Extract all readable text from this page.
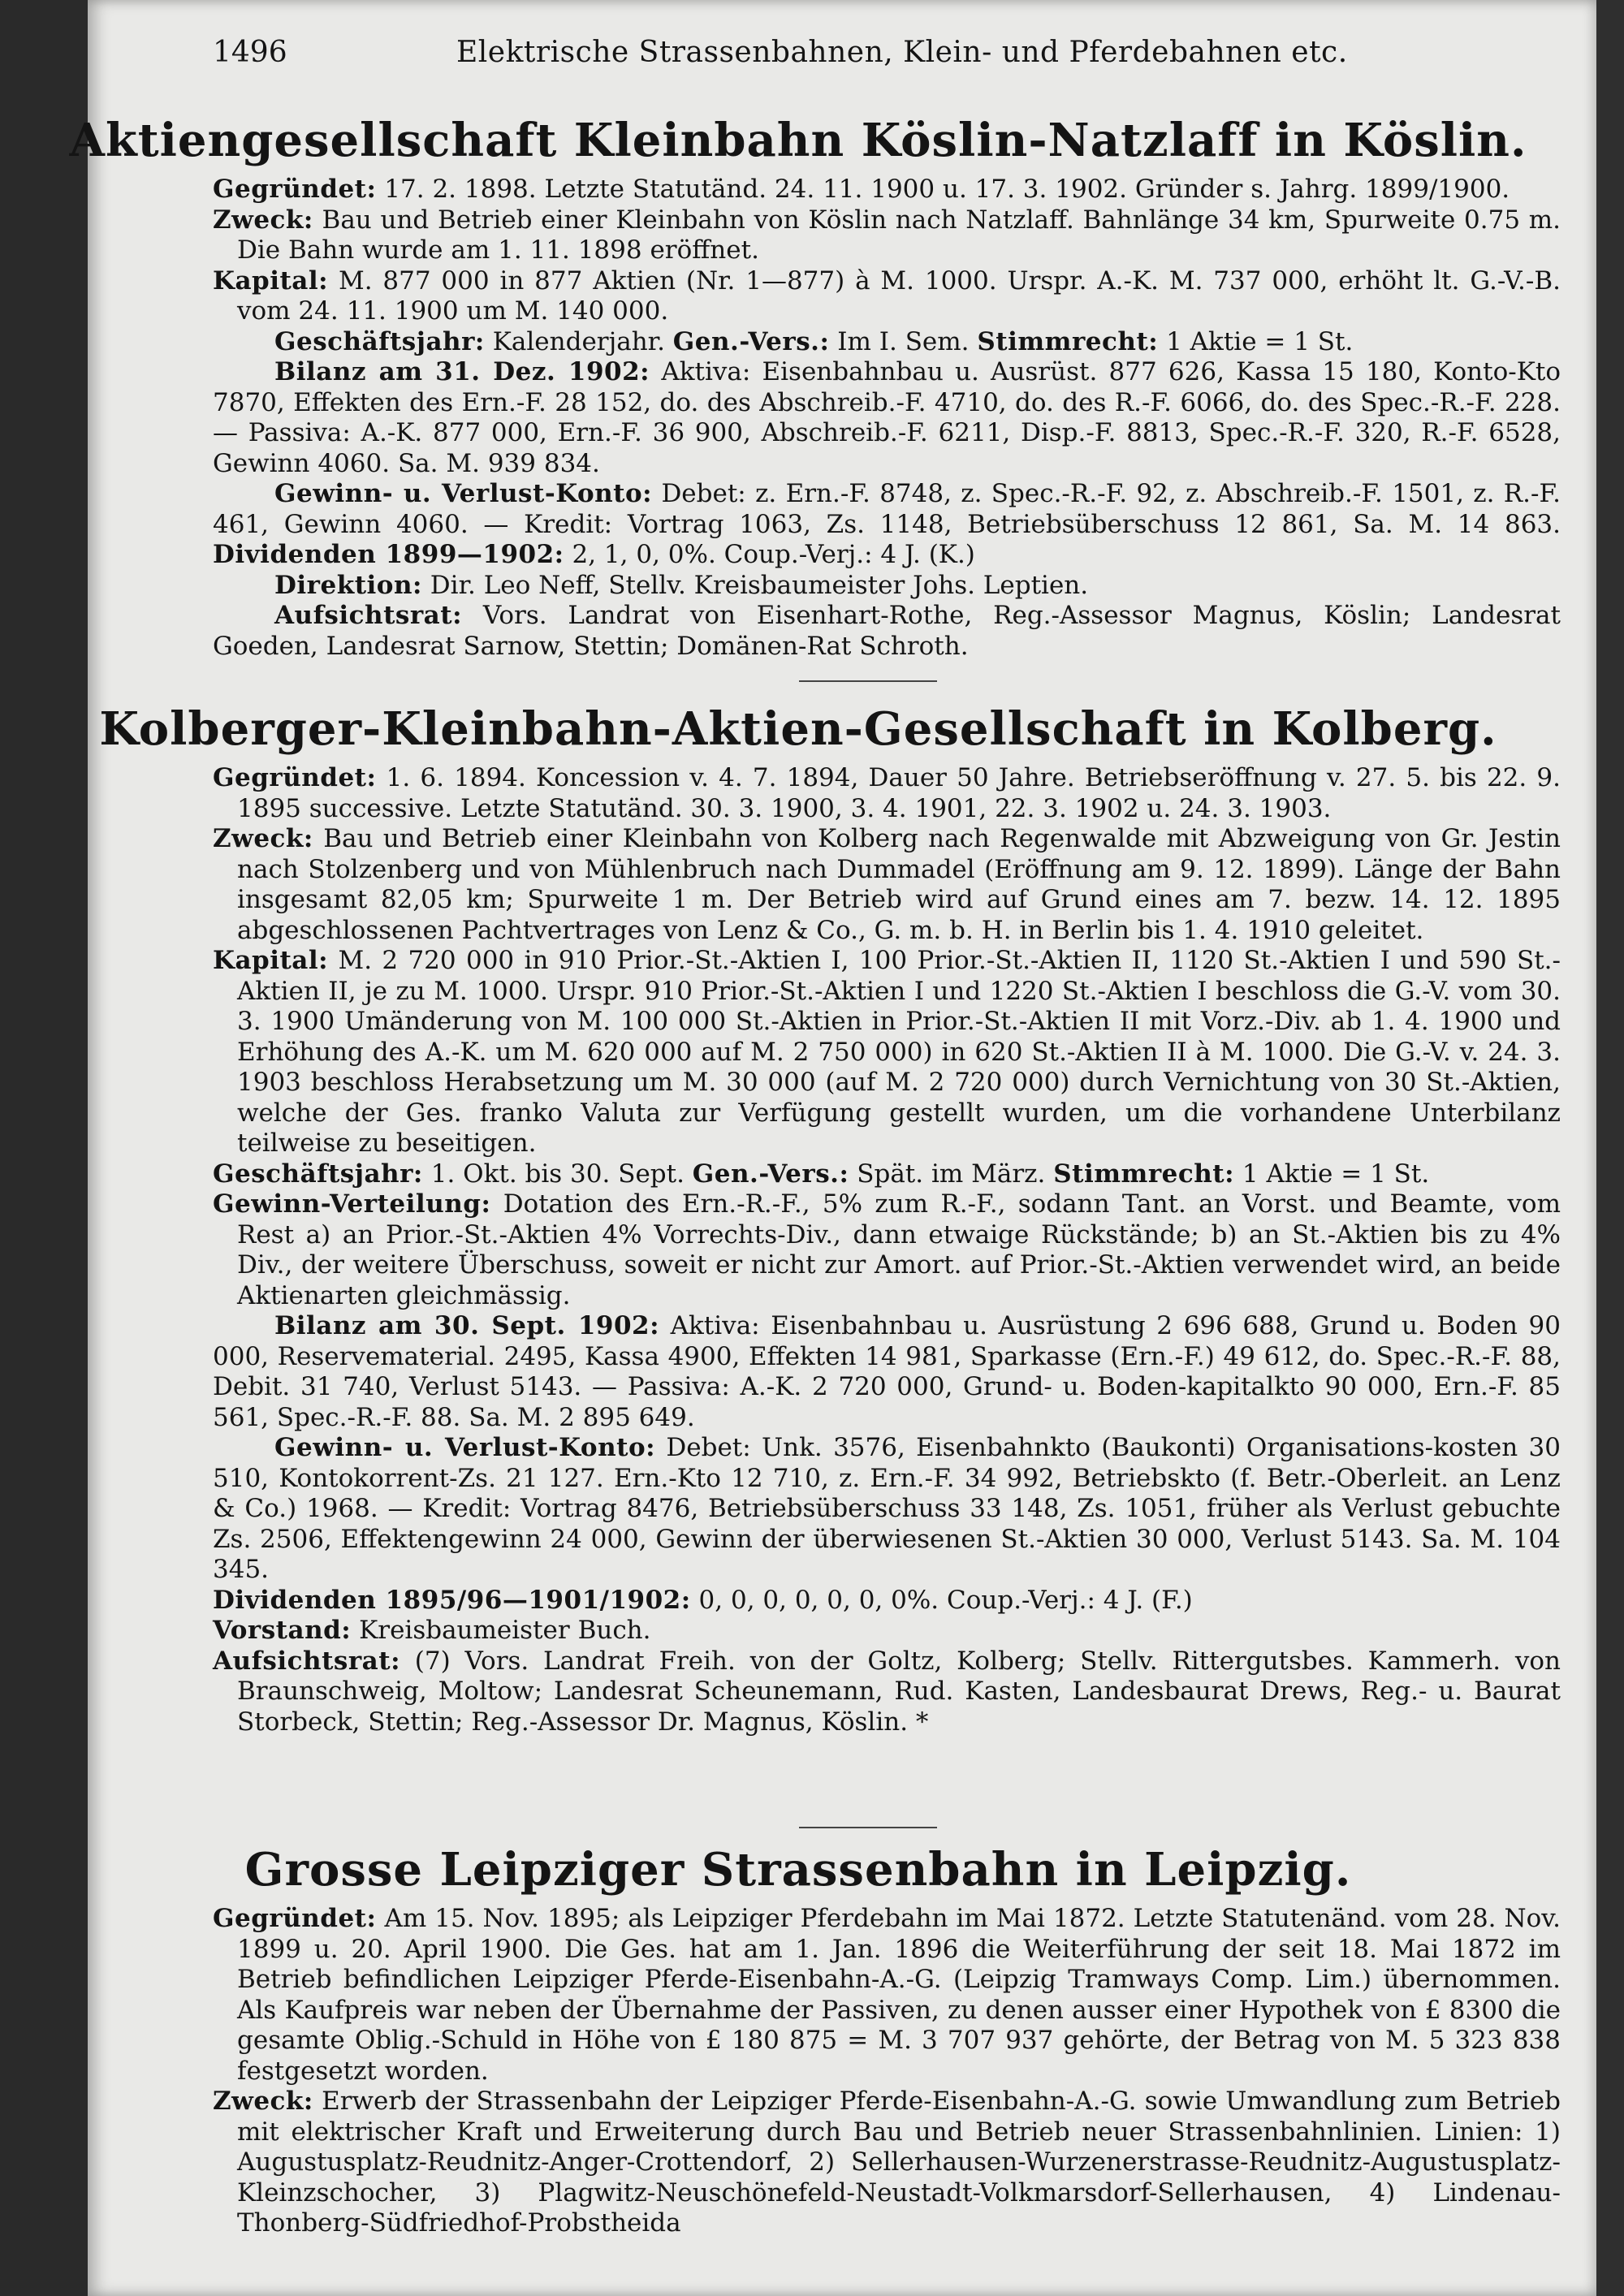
1496	Elektrische Strassenbahnen, Klein- und Pferdebahnen etc.
Aktiengesellschaft Kleinbahn Köslin-Natzlaff in Köslin.

Gegründet: 17. 2. 1898. Letzte Statutänd. 24. 11. 1900 u. 17. 3. 1902. Gründer s. Jahrg. 1899/1900.

Zweck: Bau und Betrieb einer Kleinbahn von Köslin nach Natzlaff. Bahnlänge 34 km, Spurweite 0.75 m. Die Bahn wurde am 1. 11. 1898 eröffnet.

Kapital: M. 877 000 in 877 Aktien (Nr. 1—877) à M. 1000. Urspr. A.-K. M. 737 000, erhöht lt. G.-V.-B. vom 24. 11. 1900 um M. 140 000.

Geschäftsjahr: Kalenderjahr. Gen.-Vers.: Im I. Sem. Stimmrecht: 1 Aktie = 1 St.

Bilanz am 31. Dez. 1902: Aktiva: Eisenbahnbau u. Ausrüst. 877 626, Kassa 15 180, Konto-Kto 7870, Effekten des Ern.-F. 28 152, do. des Abschreib.-F. 4710, do. des R.-F. 6066, do. des Spec.-R.-F. 228. — Passiva: A.-K. 877 000, Ern.-F. 36 900, Abschreib.-F. 6211, Disp.-F. 8813, Spec.-R.-F. 320, R.-F. 6528, Gewinn 4060. Sa. M. 939 834.

Gewinn- u. Verlust-Konto: Debet: z. Ern.-F. 8748, z. Spec.-R.-F. 92, z. Abschreib.-F. 1501, z. R.-F. 461, Gewinn 4060. — Kredit: Vortrag 1063, Zs. 1148, Betriebsüberschuss 12 861, Sa. M. 14 863. Dividenden 1899—1902: 2, 1, 0, 0%. Coup.-Verj.: 4 J. (K.)

Direktion: Dir. Leo Neff, Stellv. Kreisbaumeister Johs. Leptien.

Aufsichtsrat: Vors. Landrat von Eisenhart-Rothe, Reg.-Assessor Magnus, Köslin; Landesrat Goeden, Landesrat Sarnow, Stettin; Domänen-Rat Schroth.

Kolberger-Kleinbahn-Aktien-Gesellschaft in Kolberg.

Gegründet: 1. 6. 1894. Koncession v. 4. 7. 1894, Dauer 50 Jahre. Betriebseröffnung v. 27. 5. bis 22. 9. 1895 successive. Letzte Statutänd. 30. 3. 1900, 3. 4. 1901, 22. 3. 1902 u. 24. 3. 1903.

Zweck: Bau und Betrieb einer Kleinbahn von Kolberg nach Regenwalde mit Abzweigung von Gr. Jestin nach Stolzenberg und von Mühlenbruch nach Dummadel (Eröffnung am 9. 12. 1899). Länge der Bahn insgesamt 82,05 km; Spurweite 1 m. Der Betrieb wird auf Grund eines am 7. bezw. 14. 12. 1895 abgeschlossenen Pachtvertrages von Lenz & Co., G. m. b. H. in Berlin bis 1. 4. 1910 geleitet.

Kapital: M. 2 720 000 in 910 Prior.-St.-Aktien I, 100 Prior.-St.-Aktien II, 1120 St.-Aktien I und 590 St.-Aktien II, je zu M. 1000. Urspr. 910 Prior.-St.-Aktien I und 1220 St.-Aktien I beschloss die G.-V. vom 30. 3. 1900 Umänderung von M. 100 000 St.-Aktien in Prior.-St.-Aktien II mit Vorz.-Div. ab 1. 4. 1900 und Erhöhung des A.-K. um M. 620 000 auf M. 2 750 000) in 620 St.-Aktien II à M. 1000. Die G.-V. v. 24. 3. 1903 beschloss Herabsetzung um M. 30 000 (auf M. 2 720 000) durch Vernichtung von 30 St.-Aktien, welche der Ges. franko Valuta zur Verfügung gestellt wurden, um die vorhandene Unterbilanz teilweise zu beseitigen.

Geschäftsjahr: 1. Okt. bis 30. Sept. Gen.-Vers.: Spät. im März. Stimmrecht: 1 Aktie = 1 St.

Gewinn-Verteilung: Dotation des Ern.-R.-F., 5% zum R.-F., sodann Tant. an Vorst. und Beamte, vom Rest a) an Prior.-St.-Aktien 4% Vorrechts-Div., dann etwaige Rückstände; b) an St.-Aktien bis zu 4% Div., der weitere Überschuss, soweit er nicht zur Amort. auf Prior.-St.-Aktien verwendet wird, an beide Aktienarten gleichmässig.

Bilanz am 30. Sept. 1902: Aktiva: Eisenbahnbau u. Ausrüstung 2 696 688, Grund u. Boden 90 000, Reservematerial. 2495, Kassa 4900, Effekten 14 981, Sparkasse (Ern.-F.) 49 612, do. Spec.-R.-F. 88, Debit. 31 740, Verlust 5143. — Passiva: A.-K. 2 720 000, Grund- u. Boden-kapitalkto 90 000, Ern.-F. 85 561, Spec.-R.-F. 88. Sa. M. 2 895 649.

Gewinn- u. Verlust-Konto: Debet: Unk. 3576, Eisenbahnkto (Baukonti) Organisations-kosten 30 510, Kontokorrent-Zs. 21 127. Ern.-Kto 12 710, z. Ern.-F. 34 992, Betriebskto (f. Betr.-Oberleit. an Lenz & Co.) 1968. — Kredit: Vortrag 8476, Betriebsüberschuss 33 148, Zs. 1051, früher als Verlust gebuchte Zs. 2506, Effektengewinn 24 000, Gewinn der überwiesenen St.-Aktien 30 000, Verlust 5143. Sa. M. 104 345.

Dividenden 1895/96—1901/1902: 0, 0, 0, 0, 0, 0, 0%. Coup.-Verj.: 4 J. (F.)

Vorstand: Kreisbaumeister Buch.

Aufsichtsrat: (7) Vors. Landrat Freih. von der Goltz, Kolberg; Stellv. Rittergutsbes. Kammerh. von Braunschweig, Moltow; Landesrat Scheunemann, Rud. Kasten, Landesbaurat Drews, Reg.- u. Baurat Storbeck, Stettin; Reg.-Assessor Dr. Magnus, Köslin. *

Grosse Leipziger Strassenbahn in Leipzig.

Gegründet: Am 15. Nov. 1895; als Leipziger Pferdebahn im Mai 1872. Letzte Statutenänd. vom 28. Nov. 1899 u. 20. April 1900. Die Ges. hat am 1. Jan. 1896 die Weiterführung der seit 18. Mai 1872 im Betrieb befindlichen Leipziger Pferde-Eisenbahn-A.-G. (Leipzig Tramways Comp. Lim.) übernommen. Als Kaufpreis war neben der Übernahme der Passiven, zu denen ausser einer Hypothek von £ 8300 die gesamte Oblig.-Schuld in Höhe von £ 180 875 = M. 3 707 937 gehörte, der Betrag von M. 5 323 838 festgesetzt worden.

Zweck: Erwerb der Strassenbahn der Leipziger Pferde-Eisenbahn-A.-G. sowie Umwandlung zum Betrieb mit elektrischer Kraft und Erweiterung durch Bau und Betrieb neuer Strassenbahnlinien. Linien: 1) Augustusplatz-Reudnitz-Anger-Crottendorf, 2) Sellerhausen-Wurzenerstrasse-Reudnitz-Augustusplatz-Kleinzschocher, 3) Plagwitz-Neuschönefeld-Neustadt-Volkmarsdorf-Sellerhausen, 4) Lindenau-Thonberg-Südfriedhof-Probstheida
